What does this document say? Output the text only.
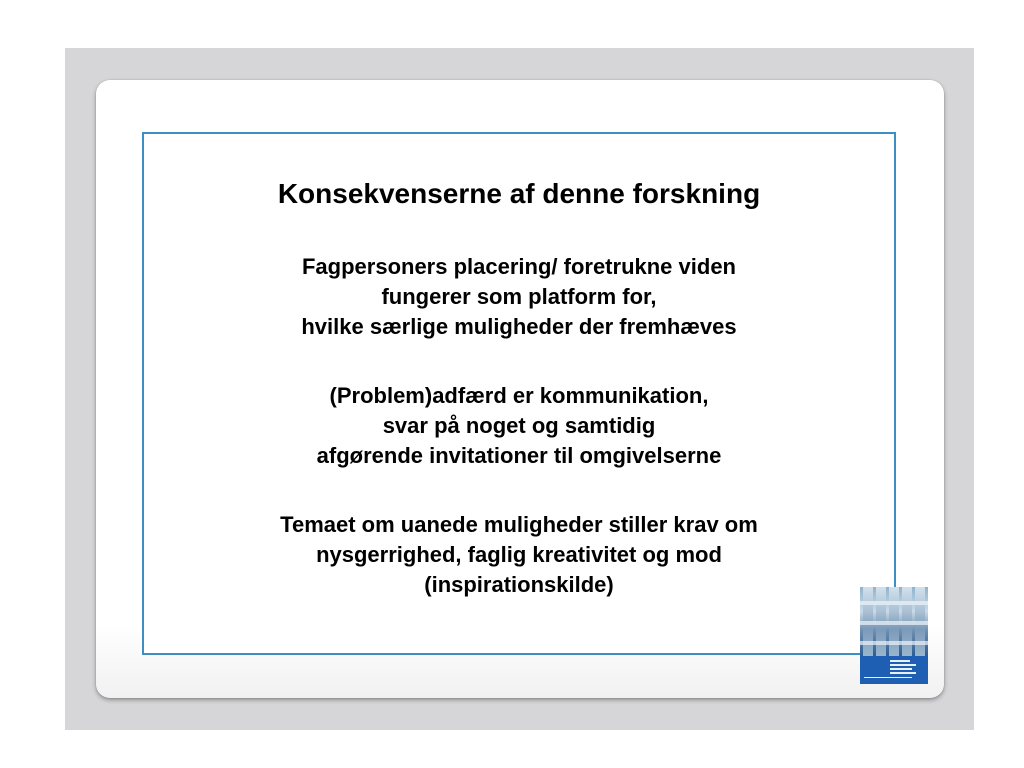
Konsekvenserne af denne forskning
Fagpersoners placering/ foretrukne viden
fungerer som platform for,
hvilke særlige muligheder der fremhæves
(Problem)adfærd er kommunikation,
svar på noget og samtidig
afgørende invitationer til omgivelserne
Temaet om uanede muligheder stiller krav om
nysgerrighed, faglig kreativitet og mod
(inspirationskilde)
